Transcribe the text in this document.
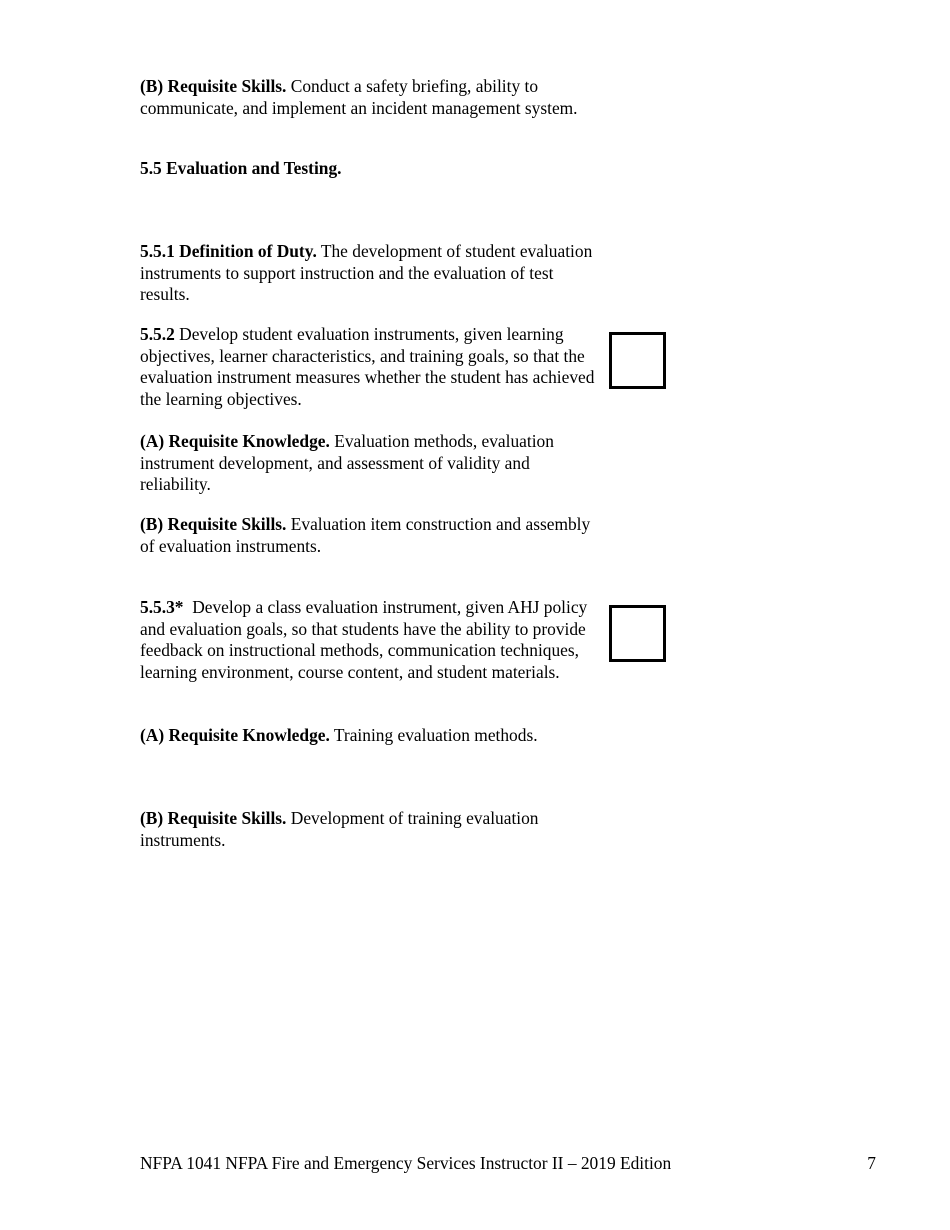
(B) Requisite Skills. Conduct a safety briefing, ability to communicate, and implement an incident management system.

5.5 Evaluation and Testing.

5.5.1 Definition of Duty. The development of student evaluation instruments to support instruction and the evaluation of test results.

5.5.2 Develop student evaluation instruments, given learning objectives, learner characteristics, and training goals, so that the evaluation instrument measures whether the student has achieved the learning objectives.

(A) Requisite Knowledge. Evaluation methods, evaluation instrument development, and assessment of validity and reliability.

(B) Requisite Skills. Evaluation item construction and assembly of evaluation instruments.

5.5.3* Develop a class evaluation instrument, given AHJ policy and evaluation goals, so that students have the ability to provide feedback on instructional methods, communication techniques, learning environment, course content, and student materials.

(A) Requisite Knowledge. Training evaluation methods.

(B) Requisite Skills. Development of training evaluation instruments.

NFPA 1041 NFPA Fire and Emergency Services Instructor II – 2019 Edition	7
